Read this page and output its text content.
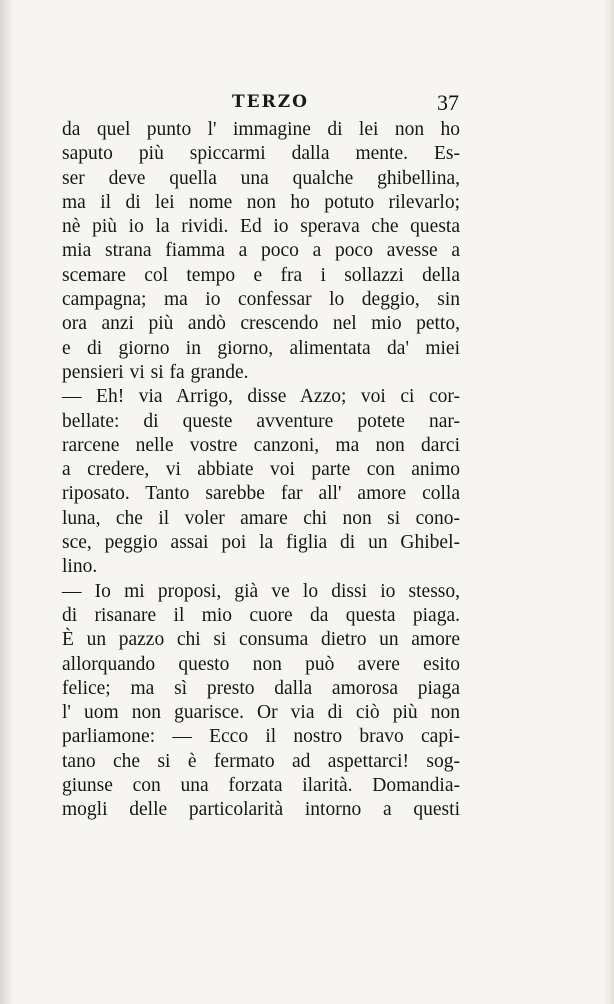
TERZO	37
da quel punto l' immagine di lei non ho
saputo più spiccarmi dalla mente. Es-
ser deve quella una qualche ghibellina,
ma il di lei nome non ho potuto rilevarlo;
nè più io la rividi. Ed io sperava che questa
mia strana fiamma a poco a poco avesse a
scemare col tempo e fra i sollazzi della
campagna; ma io confessar lo deggio, sin
ora anzi più andò crescendo nel mio petto,
e di giorno in giorno, alimentata da' miei
pensieri vi si fa grande.
— Eh! via Arrigo, disse Azzo; voi ci cor-
bellate: di queste avventure potete nar-
rarcene nelle vostre canzoni, ma non darci
a credere, vi abbiate voi parte con animo
riposato. Tanto sarebbe far all' amore colla
luna, che il voler amare chi non si cono-
sce, peggio assai poi la figlia di un Ghibel-
lino.
— Io mi proposi, già ve lo dissi io stesso,
di risanare il mio cuore da questa piaga.
È un pazzo chi si consuma dietro un amore
allorquando questo non può avere esito
felice; ma sì presto dalla amorosa piaga
l' uom non guarisce. Or via di ciò più non
parliamone: — Ecco il nostro bravo capi-
tano che si è fermato ad aspettarci! sog-
giunse con una forzata ilarità. Domandia-
mogli delle particolarità intorno a questi
